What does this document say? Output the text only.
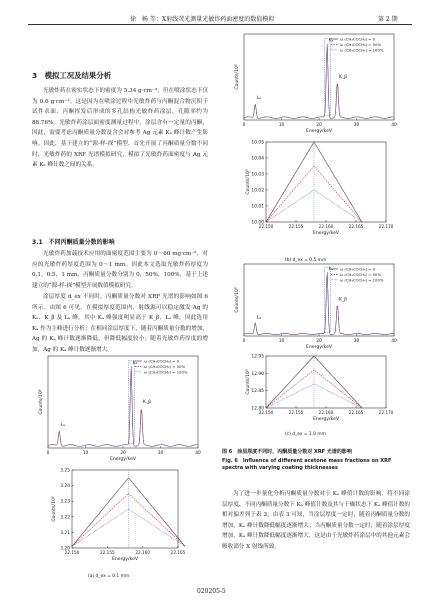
徐　畅 等：X射线荧光测量光敏炸药面密度的数值模拟	第 2 期
3　 模拟工况及结果分析
光敏炸药在密实状态下的密度为 5.34 g·cm⁻³，但在喷涂状态下仅为 0.6 g·cm⁻³。这是因为在喷涂过程中光敏炸药与丙酮混合物沉积于试件表面，丙酮挥发后形成的多孔结构光敏炸药涂层，孔隙率约为 88.76%。光敏炸药涂层面密度测量过程中，涂层含有一定量的丙酮，因此，需要考虑丙酮质量分数及含会对参考 Ag 元素 Kₐ 峰计数产生影响。因此，基于建立的“源-样-探”模型，首先开展了丙酮质量分数不同时，光敏炸药的 XRF 光谱模拟研究，模拟了光敏炸药面密度与 Ag 元素 Kₐ 峰计数之间的关系。
3.1　不同丙酮质量分数的影响
光敏炸药加载技术应用的面密度范围主要为 0～60 mg·cm⁻²，对应的光敏炸药厚度范围为 0～1 mm。因此本文选取光敏炸药厚度为 0.1，0.5，1 mm，丙酮质量分数分别为 0，50%，100%，基于上述建立的“源-样-探”模型开展数值模拟研究。
涂层厚度 d_ex 不同时，丙酮质量分数对 XRF 光谱的影响如图 6 所示。由图 6 可见，在模拟厚度范围内，射线源可以稳定激发 Ag 的 Kₐ、K_β 及 Lₐ 峰。其中 Kₐ 峰强度明显高于 K_β、Lₐ 峰，因此选用 Kₐ 作为主峰进行分析；在相同涂层厚度下，随着丙酮质量分数的增加，Ag 的 Kₐ 峰计数逐渐降低，但降低幅度较小；随着光敏炸药厚度的增加，Ag 的 Kₐ 峰计数逐渐增大。
为了进一步量化分析丙酮质量分数对于 Kₐ 峰值计数的影响，将不同涂层厚度、不同丙酮质量分数下 Kₐ 峰值计数及其与干燥状态下 Kₐ 峰值计数的相对偏差列于表 3。由表 3 可知，当涂层厚度一定时，随着丙酮质量分数的增加，Kₐ 峰计数降低幅度逐渐增大；当丙酮质量分数一定时，随着涂层厚度增加，Kₐ 峰计数降低幅度逐渐增大，这是由于光敏炸药涂层中的其他元素会吸收部分 X 射线所致。
图 6　涂层厚度不同时，丙酮质量分数对 XRF 光谱的影响
Fig. 6　Influence of different acetone mass fractions on XRF spectra with varying coating thicknesses
(a) d_ex = 0.1 mm
(b) d_ex = 0.5 mm
(c) d_ex = 1.0 mm
0	10	20	30	40
Energy/keV
Counts/10⁸
Lₐ
Kₐ
K_β
ω (CH₃COCH₃) = 0
ω (CH₃COCH₃) = 50%
ω (CH₃COCH₃) = 100%
3.20
3.21
3.22
3.23
3.24
3.25
22.150	22.155	22.160	22.165
Energy/keV
Counts/10⁸
0	10	20	30	40
Energy/keV
Counts/10⁸
Lₐ
Kₐ
K_β
ω (CH₃COCH₃) = 0
ω (CH₃COCH₃) = 50%
ω (CH₃COCH₃) = 100%
10.00
10.01
10.02
10.03
10.04
10.05
22.150	22.155	22.160	22.165	22.170
Energy/keV
Counts/10⁸
0	10	20	30	40
Energy/keV
Counts/10⁸
Lₐ
Kₐ
K_β
ω (CH₃COCH₃) = 0
ω (CH₃COCH₃) = 50%
ω (CH₃COCH₃) = 100%
12.80
12.85
12.90
12.95
22.150	22.155	22.160	22.165	22.170
Energy/keV
Counts/10⁸
020205-5
